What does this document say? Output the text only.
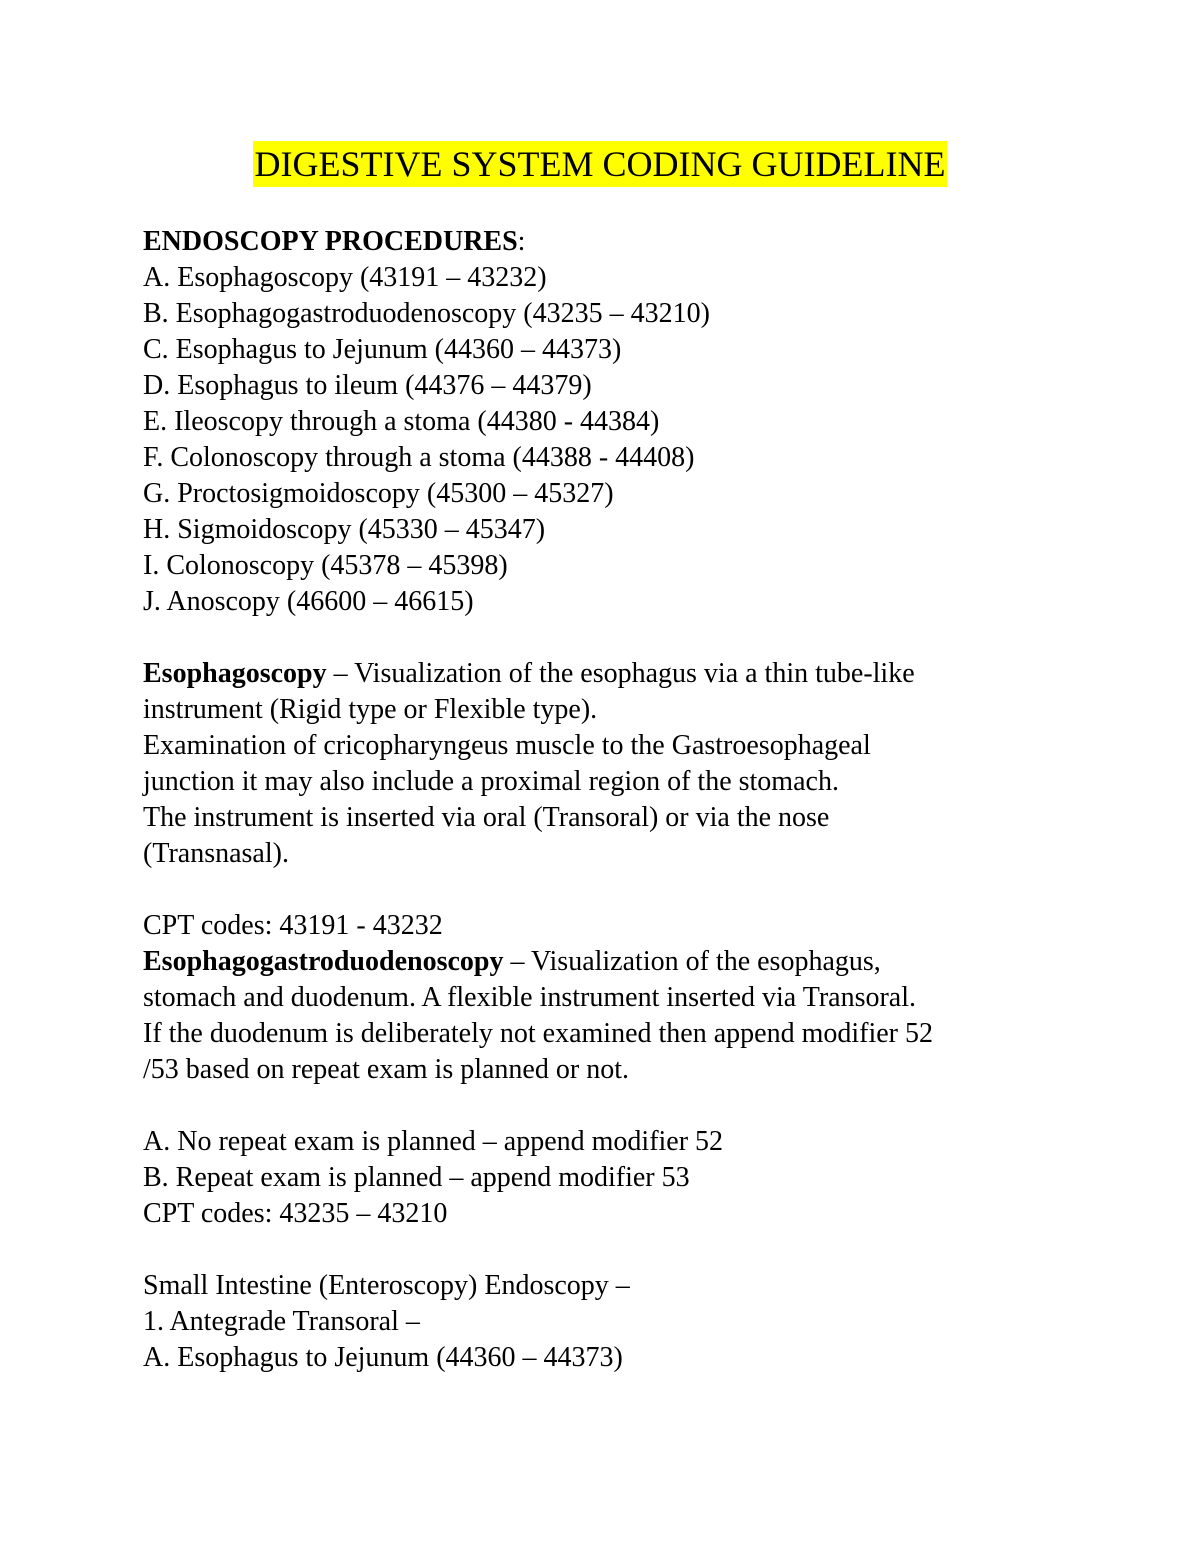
DIGESTIVE SYSTEM CODING GUIDELINE
ENDOSCOPY PROCEDURES:
A. Esophagoscopy (43191 – 43232)
B. Esophagogastroduodenoscopy (43235 – 43210)
C. Esophagus to Jejunum (44360 – 44373)
D. Esophagus to ileum (44376 – 44379)
E. Ileoscopy through a stoma (44380 - 44384)
F. Colonoscopy through a stoma (44388 - 44408)
G. Proctosigmoidoscopy (45300 – 45327)
H. Sigmoidoscopy (45330 – 45347)
I. Colonoscopy (45378 – 45398)
J. Anoscopy (46600 – 46615)
Esophagoscopy – Visualization of the esophagus via a thin tube-like
instrument (Rigid type or Flexible type).
Examination of cricopharyngeus muscle to the Gastroesophageal
junction it may also include a proximal region of the stomach.
The instrument is inserted via oral (Transoral) or via the nose
(Transnasal).
CPT codes: 43191 - 43232
Esophagogastroduodenoscopy – Visualization of the esophagus,
stomach and duodenum. A flexible instrument inserted via Transoral.
If the duodenum is deliberately not examined then append modifier 52
/53 based on repeat exam is planned or not.
A. No repeat exam is planned – append modifier 52
B. Repeat exam is planned – append modifier 53
CPT codes: 43235 – 43210
Small Intestine (Enteroscopy) Endoscopy –
1. Antegrade Transoral –
A. Esophagus to Jejunum (44360 – 44373)
